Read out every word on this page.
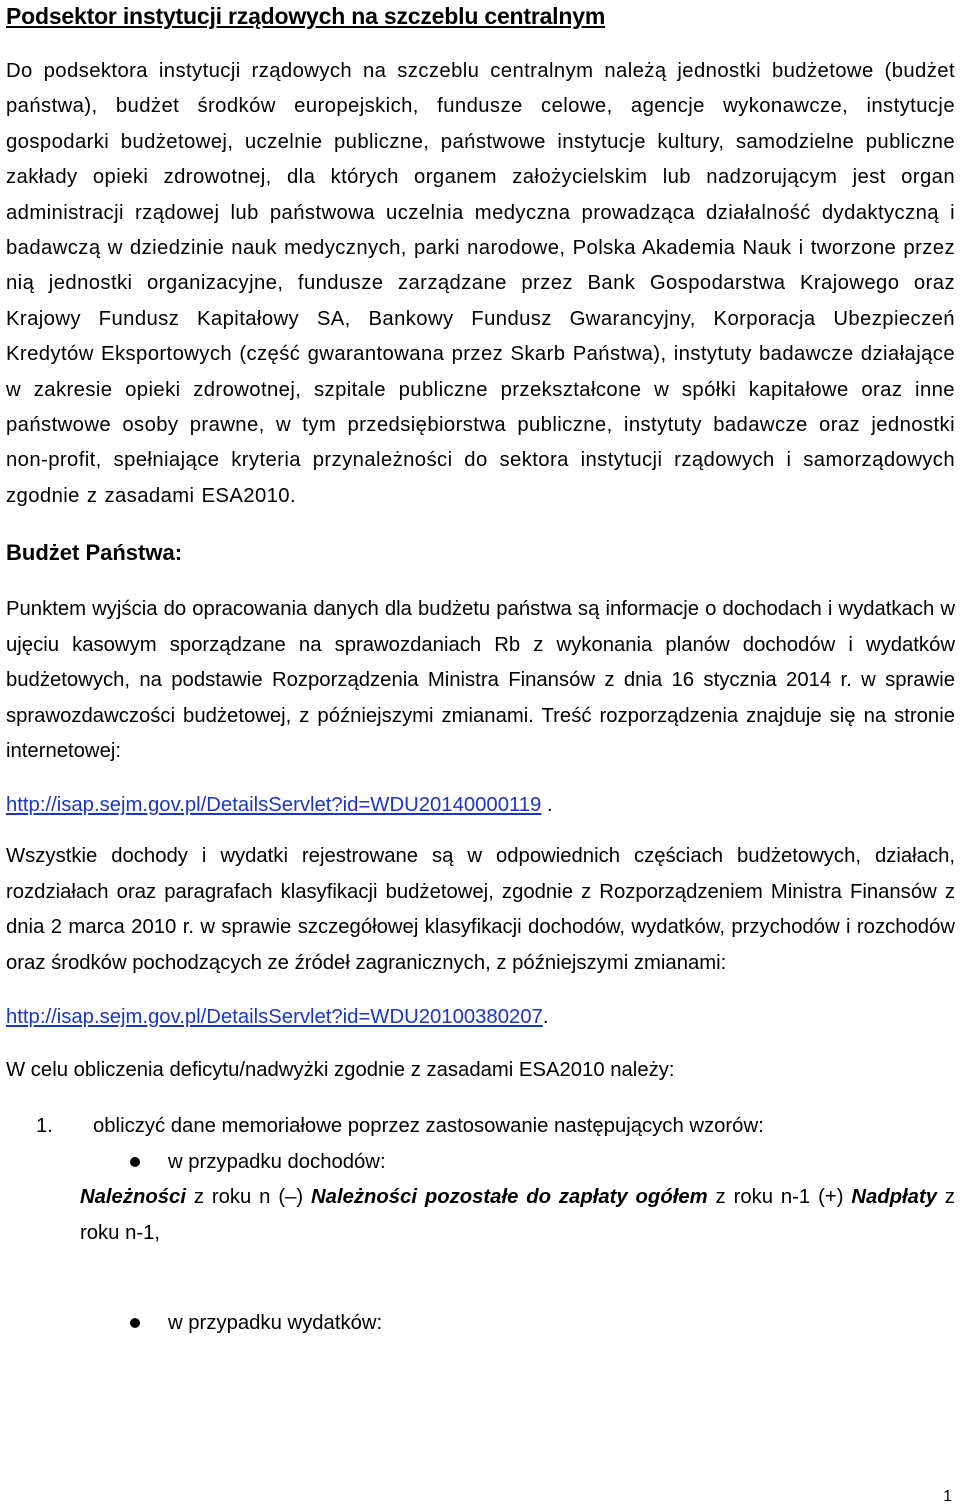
Podsektor instytucji rządowych na szczeblu centralnym

Do podsektora instytucji rządowych na szczeblu centralnym należą jednostki budżetowe (budżet państwa), budżet środków europejskich, fundusze celowe, agencje wykonawcze, instytucje gospodarki budżetowej, uczelnie publiczne, państwowe instytucje kultury, samodzielne publiczne zakłady opieki zdrowotnej, dla których organem założycielskim lub nadzorującym jest organ administracji rządowej lub państwowa uczelnia medyczna prowadząca działalność dydaktyczną i badawczą w dziedzinie nauk medycznych, parki narodowe, Polska Akademia Nauk i tworzone przez nią jednostki organizacyjne, fundusze zarządzane przez Bank Gospodarstwa Krajowego oraz Krajowy Fundusz Kapitałowy SA, Bankowy Fundusz Gwarancyjny, Korporacja Ubezpieczeń Kredytów Eksportowych (część gwarantowana przez Skarb Państwa), instytuty badawcze działające w zakresie opieki zdrowotnej, szpitale publiczne przekształcone w spółki kapitałowe oraz inne państwowe osoby prawne, w tym przedsiębiorstwa publiczne, instytuty badawcze oraz jednostki non-profit, spełniające kryteria przynależności do sektora instytucji rządowych i samorządowych zgodnie z zasadami ESA2010.

Budżet Państwa:

Punktem wyjścia do opracowania danych dla budżetu państwa są informacje o dochodach i wydatkach w ujęciu kasowym sporządzane na sprawozdaniach Rb z wykonania planów dochodów i wydatków budżetowych, na podstawie Rozporządzenia Ministra Finansów z dnia 16 stycznia 2014 r. w sprawie sprawozdawczości budżetowej, z późniejszymi zmianami. Treść rozporządzenia znajduje się na stronie internetowej:

http://isap.sejm.gov.pl/DetailsServlet?id=WDU20140000119 .

Wszystkie dochody i wydatki rejestrowane są w odpowiednich częściach budżetowych, działach, rozdziałach oraz paragrafach klasyfikacji budżetowej, zgodnie z Rozporządzeniem Ministra Finansów z dnia 2 marca 2010 r. w sprawie szczegółowej klasyfikacji dochodów, wydatków, przychodów i rozchodów oraz środków pochodzących ze źródeł zagranicznych, z późniejszymi zmianami:

http://isap.sejm.gov.pl/DetailsServlet?id=WDU20100380207.

W celu obliczenia deficytu/nadwyżki zgodnie z zasadami ESA2010 należy:

1. obliczyć dane memoriałowe poprzez zastosowanie następujących wzorów:
w przypadku dochodów:

Należności z roku n (–) Należności pozostałe do zapłaty ogółem z roku n-1 (+) Nadpłaty z roku n-1,

w przypadku wydatków:
1
